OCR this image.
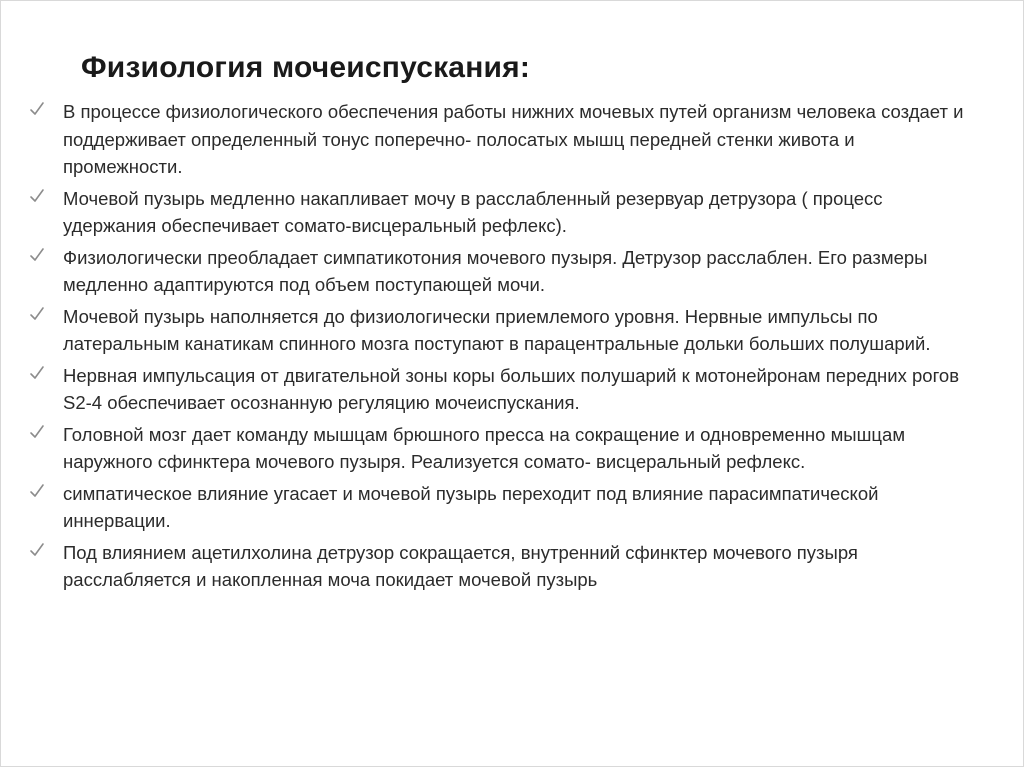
Физиология мочеиспускания:
В процессе физиологического обеспечения работы нижних мочевых путей организм человека создает и поддерживает определенный тонус поперечно- полосатых мышц передней стенки живота и промежности.
Мочевой пузырь медленно накапливает мочу в расслабленный резервуар детрузора ( процесс удержания обеспечивает сомато-висцеральный рефлекс).
Физиологически преобладает симпатикотония мочевого пузыря. Детрузор расслаблен. Его размеры медленно адаптируются под объем поступающей мочи.
Мочевой пузырь наполняется до физиологически приемлемого уровня. Нервные импульсы по латеральным канатикам спинного мозга поступают в парацентральные дольки больших полушарий.
Нервная импульсация от двигательной зоны коры больших полушарий к мотонейронам передних рогов S2-4 обеспечивает осознанную регуляцию мочеиспускания.
Головной мозг дает команду мышцам брюшного пресса на сокращение и одновременно мышцам наружного сфинктера мочевого пузыря. Реализуется сомато- висцеральный рефлекс.
симпатическое влияние угасает и мочевой пузырь переходит под влияние парасимпатической иннервации.
Под влиянием ацетилхолина детрузор сокращается, внутренний сфинктер мочевого пузыря расслабляется и накопленная моча покидает мочевой пузырь
